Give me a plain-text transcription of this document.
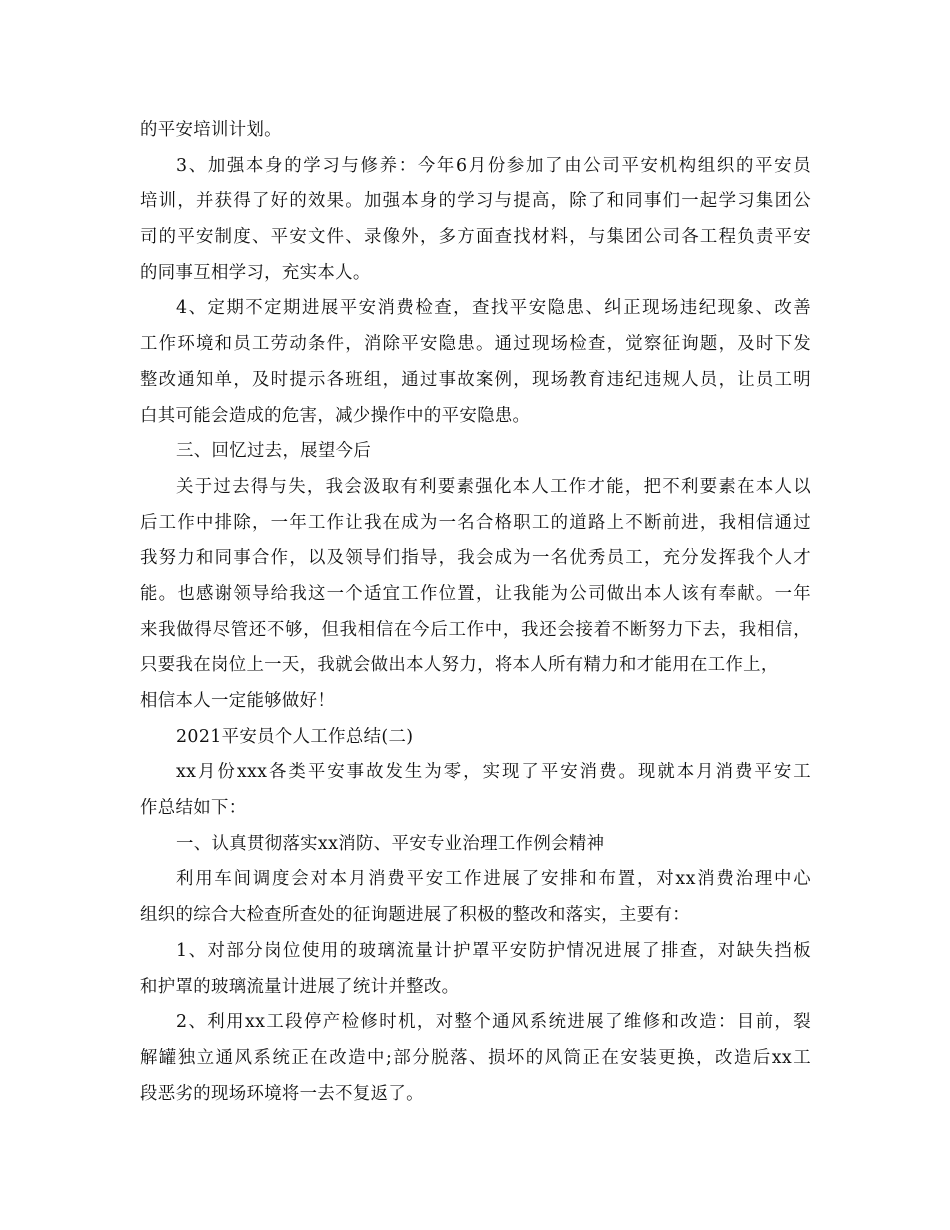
的平安培训计划。
3、加强本身的学习与修养：今年6月份参加了由公司平安机构组织的平安员
培训，并获得了好的效果。加强本身的学习与提高，除了和同事们一起学习集团公
司的平安制度、平安文件、录像外，多方面查找材料，与集团公司各工程负责平安
的同事互相学习，充实本人。
4、定期不定期进展平安消费检查，查找平安隐患、纠正现场违纪现象、改善
工作环境和员工劳动条件，消除平安隐患。通过现场检查，觉察征询题，及时下发
整改通知单，及时提示各班组，通过事故案例，现场教育违纪违规人员，让员工明
白其可能会造成的危害，减少操作中的平安隐患。
三、回忆过去，展望今后
关于过去得与失，我会汲取有利要素强化本人工作才能，把不利要素在本人以
后工作中排除，一年工作让我在成为一名合格职工的道路上不断前进，我相信通过
我努力和同事合作，以及领导们指导，我会成为一名优秀员工，充分发挥我个人才
能。也感谢领导给我这一个适宜工作位置，让我能为公司做出本人该有奉献。一年
来我做得尽管还不够，但我相信在今后工作中，我还会接着不断努力下去，我相信，
只要我在岗位上一天，我就会做出本人努力，将本人所有精力和才能用在工作上，
相信本人一定能够做好！
2021平安员个人工作总结(二)
xx月份xxx各类平安事故发生为零，实现了平安消费。现就本月消费平安工
作总结如下：
一、认真贯彻落实xx消防、平安专业治理工作例会精神
利用车间调度会对本月消费平安工作进展了安排和布置，对xx消费治理中心
组织的综合大检查所查处的征询题进展了积极的整改和落实，主要有：
1、对部分岗位使用的玻璃流量计护罩平安防护情况进展了排查，对缺失挡板
和护罩的玻璃流量计进展了统计并整改。
2、利用xx工段停产检修时机，对整个通风系统进展了维修和改造：目前，裂
解罐独立通风系统正在改造中;部分脱落、损坏的风筒正在安装更换，改造后xx工
段恶劣的现场环境将一去不复返了。
